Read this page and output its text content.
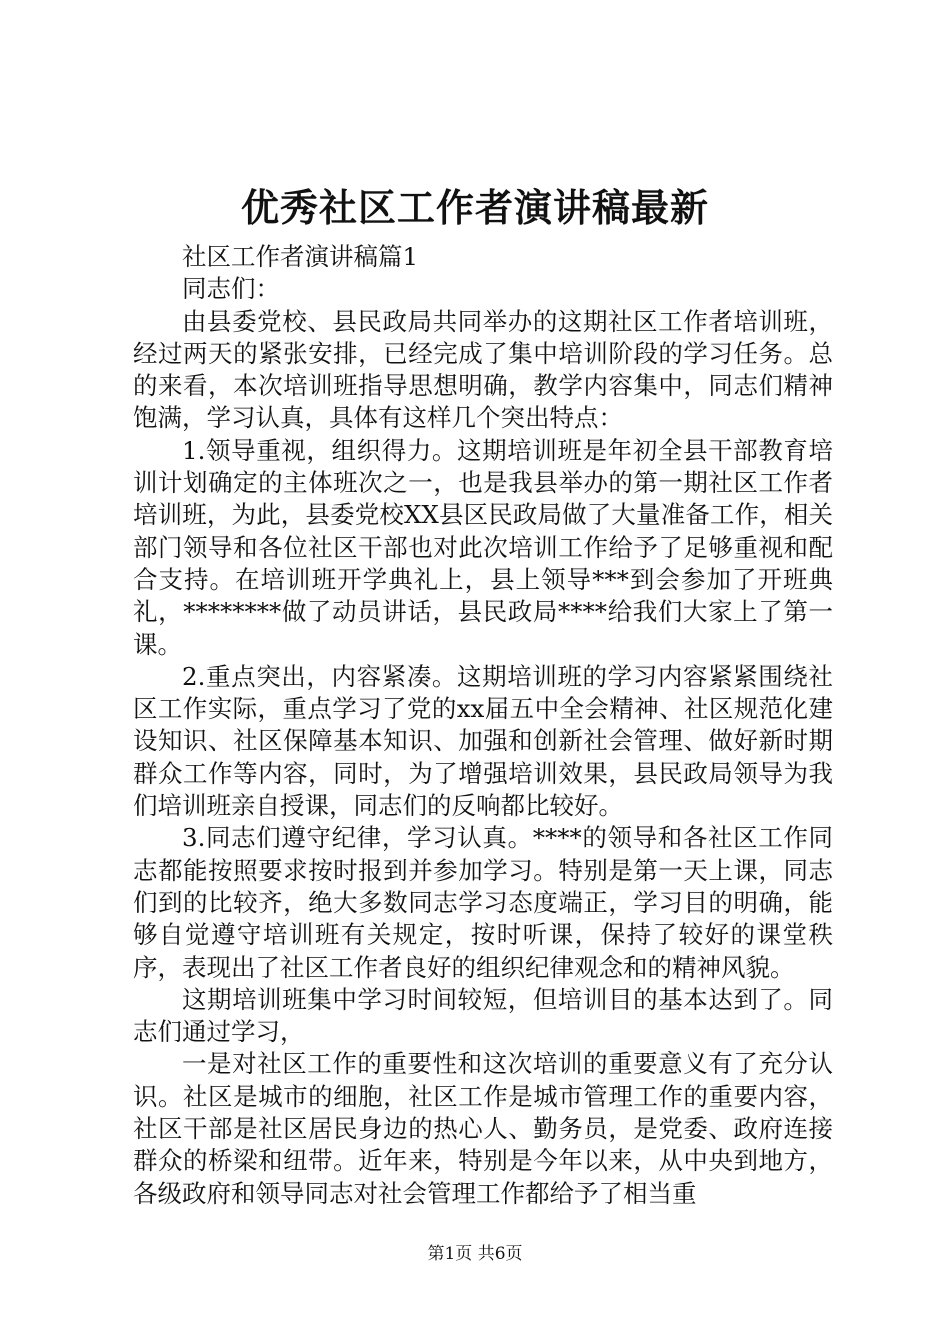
优秀社区工作者演讲稿最新

社区工作者演讲稿篇1

同志们：

由县委党校、县民政局共同举办的这期社区工作者培训班，经过两天的紧张安排，已经完成了集中培训阶段的学习任务。总的来看，本次培训班指导思想明确，教学内容集中，同志们精神饱满，学习认真，具体有这样几个突出特点：

1.领导重视，组织得力。这期培训班是年初全县干部教育培训计划确定的主体班次之一，也是我县举办的第一期社区工作者培训班，为此，县委党校XX县区民政局做了大量准备工作，相关部门领导和各位社区干部也对此次培训工作给予了足够重视和配合支持。在培训班开学典礼上，县上领导***到会参加了开班典礼，********做了动员讲话，县民政局****给我们大家上了第一课。

2.重点突出，内容紧凑。这期培训班的学习内容紧紧围绕社区工作实际，重点学习了党的xx届五中全会精神、社区规范化建设知识、社区保障基本知识、加强和创新社会管理、做好新时期群众工作等内容，同时，为了增强培训效果，县民政局领导为我们培训班亲自授课，同志们的反响都比较好。

3.同志们遵守纪律，学习认真。****的领导和各社区工作同志都能按照要求按时报到并参加学习。特别是第一天上课，同志们到的比较齐，绝大多数同志学习态度端正，学习目的明确，能够自觉遵守培训班有关规定，按时听课，保持了较好的课堂秩序，表现出了社区工作者良好的组织纪律观念和的精神风貌。

这期培训班集中学习时间较短，但培训目的基本达到了。同志们通过学习，

一是对社区工作的重要性和这次培训的重要意义有了充分认识。社区是城市的细胞，社区工作是城市管理工作的重要内容，社区干部是社区居民身边的热心人、勤务员，是党委、政府连接群众的桥梁和纽带。近年来，特别是今年以来，从中央到地方，各级政府和领导同志对社会管理工作都给予了相当重

第1页 共6页
